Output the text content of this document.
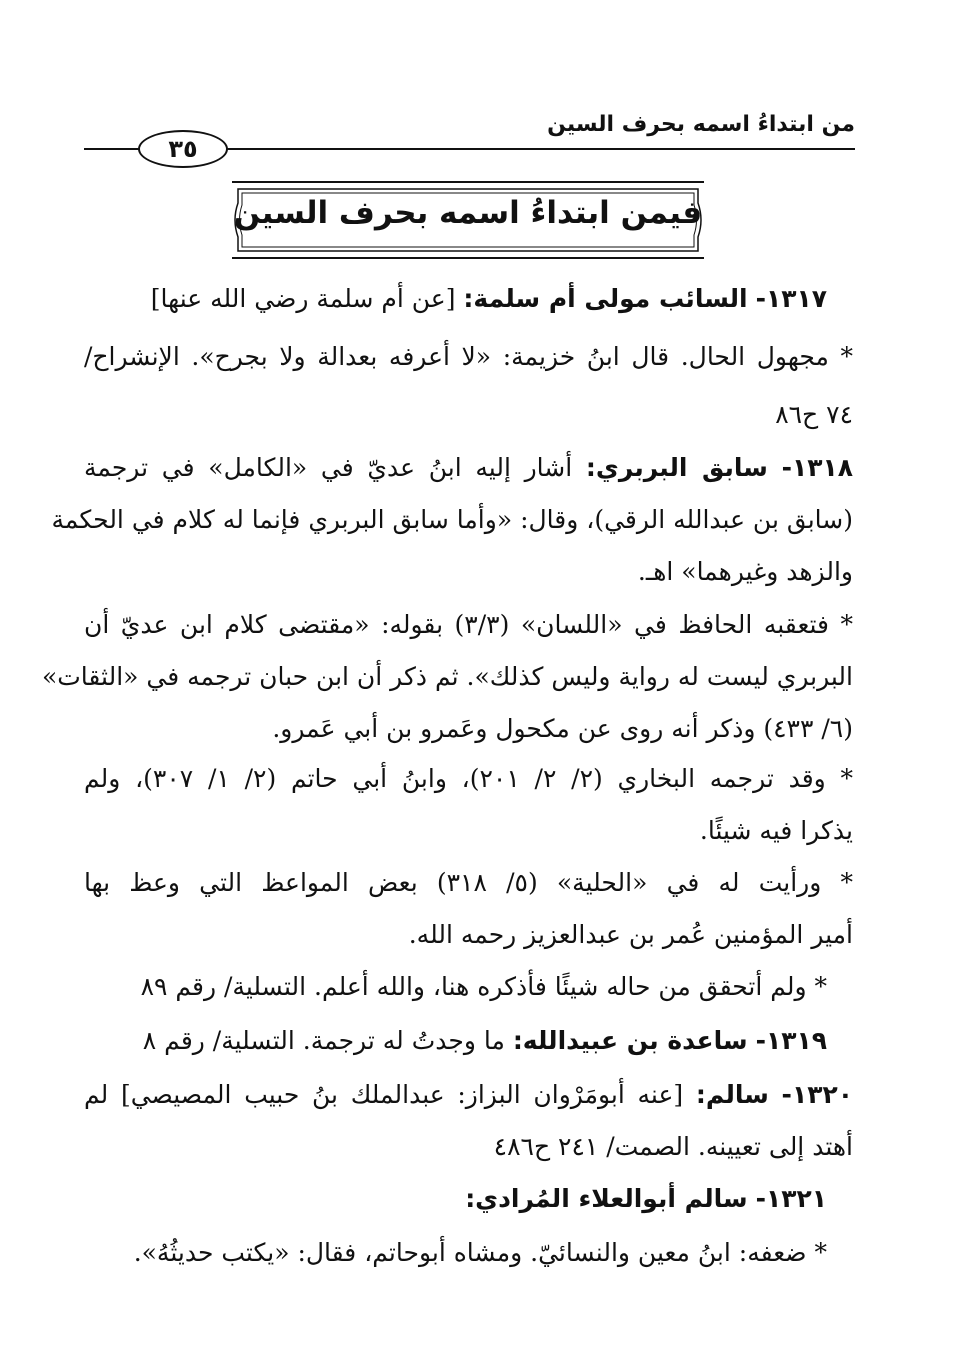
من ابتداءُ اسمه بحرف السين
٣٥
فيمن ابتداءُ اسمه بحرف السين
١٣١٧- السائب مولى أم سلمة: [عن أم سلمة رضي الله عنها]
* مجهول الحال. قال ابنُ خزيمة: «لا أعرفه بعدالة ولا بجرح». الإنشراح/
٧٤ ح٨٦
١٣١٨- سابق البربري: أشار إليه ابنُ عديّ في «الكامل» في ترجمة
(سابق بن عبدالله الرقي)، وقال: «وأما سابق البربري فإنما له كلام في الحكمة
والزهد وغيرهما» اهـ.
* فتعقبه الحافظ في «اللسان» (٣/٣) بقوله: «مقتضى كلام ابن عديّ أن
البربري ليست له رواية وليس كذلك». ثم ذكر أن ابن حبان ترجمه في «الثقات»
(٦/ ٤٣٣) وذكر أنه روى عن مكحول وعَمرو بن أبي عَمرو.
* وقد ترجمه البخاري (٢/ ٢/ ٢٠١)، وابنُ أبي حاتم (٢/ ١/ ٣٠٧)، ولم
يذكرا فيه شيئًا.
* ورأيت له في «الحلية» (٥/ ٣١٨) بعض المواعظ التي وعظ بها
أمير المؤمنين عُمر بن عبدالعزيز رحمه الله.
* ولم أتحقق من حاله شيئًا فأذكره هنا، والله أعلم. التسلية/ رقم ٨٩
١٣١٩- ساعدة بن عبيدالله: ما وجدتُ له ترجمة. التسلية/ رقم ٨
١٣٢٠- سالم: [عنه أبومَرْوان البزاز: عبدالملك بنُ حبيب المصيصي] لم
أهتد إلى تعيينه. الصمت/ ٢٤١ ح٤٨٦
١٣٢١- سالم أبوالعلاء المُرادي:
* ضعفه: ابنُ معين والنسائيّ. ومشاه أبوحاتم، فقال: «يكتب حديثُهُ».
